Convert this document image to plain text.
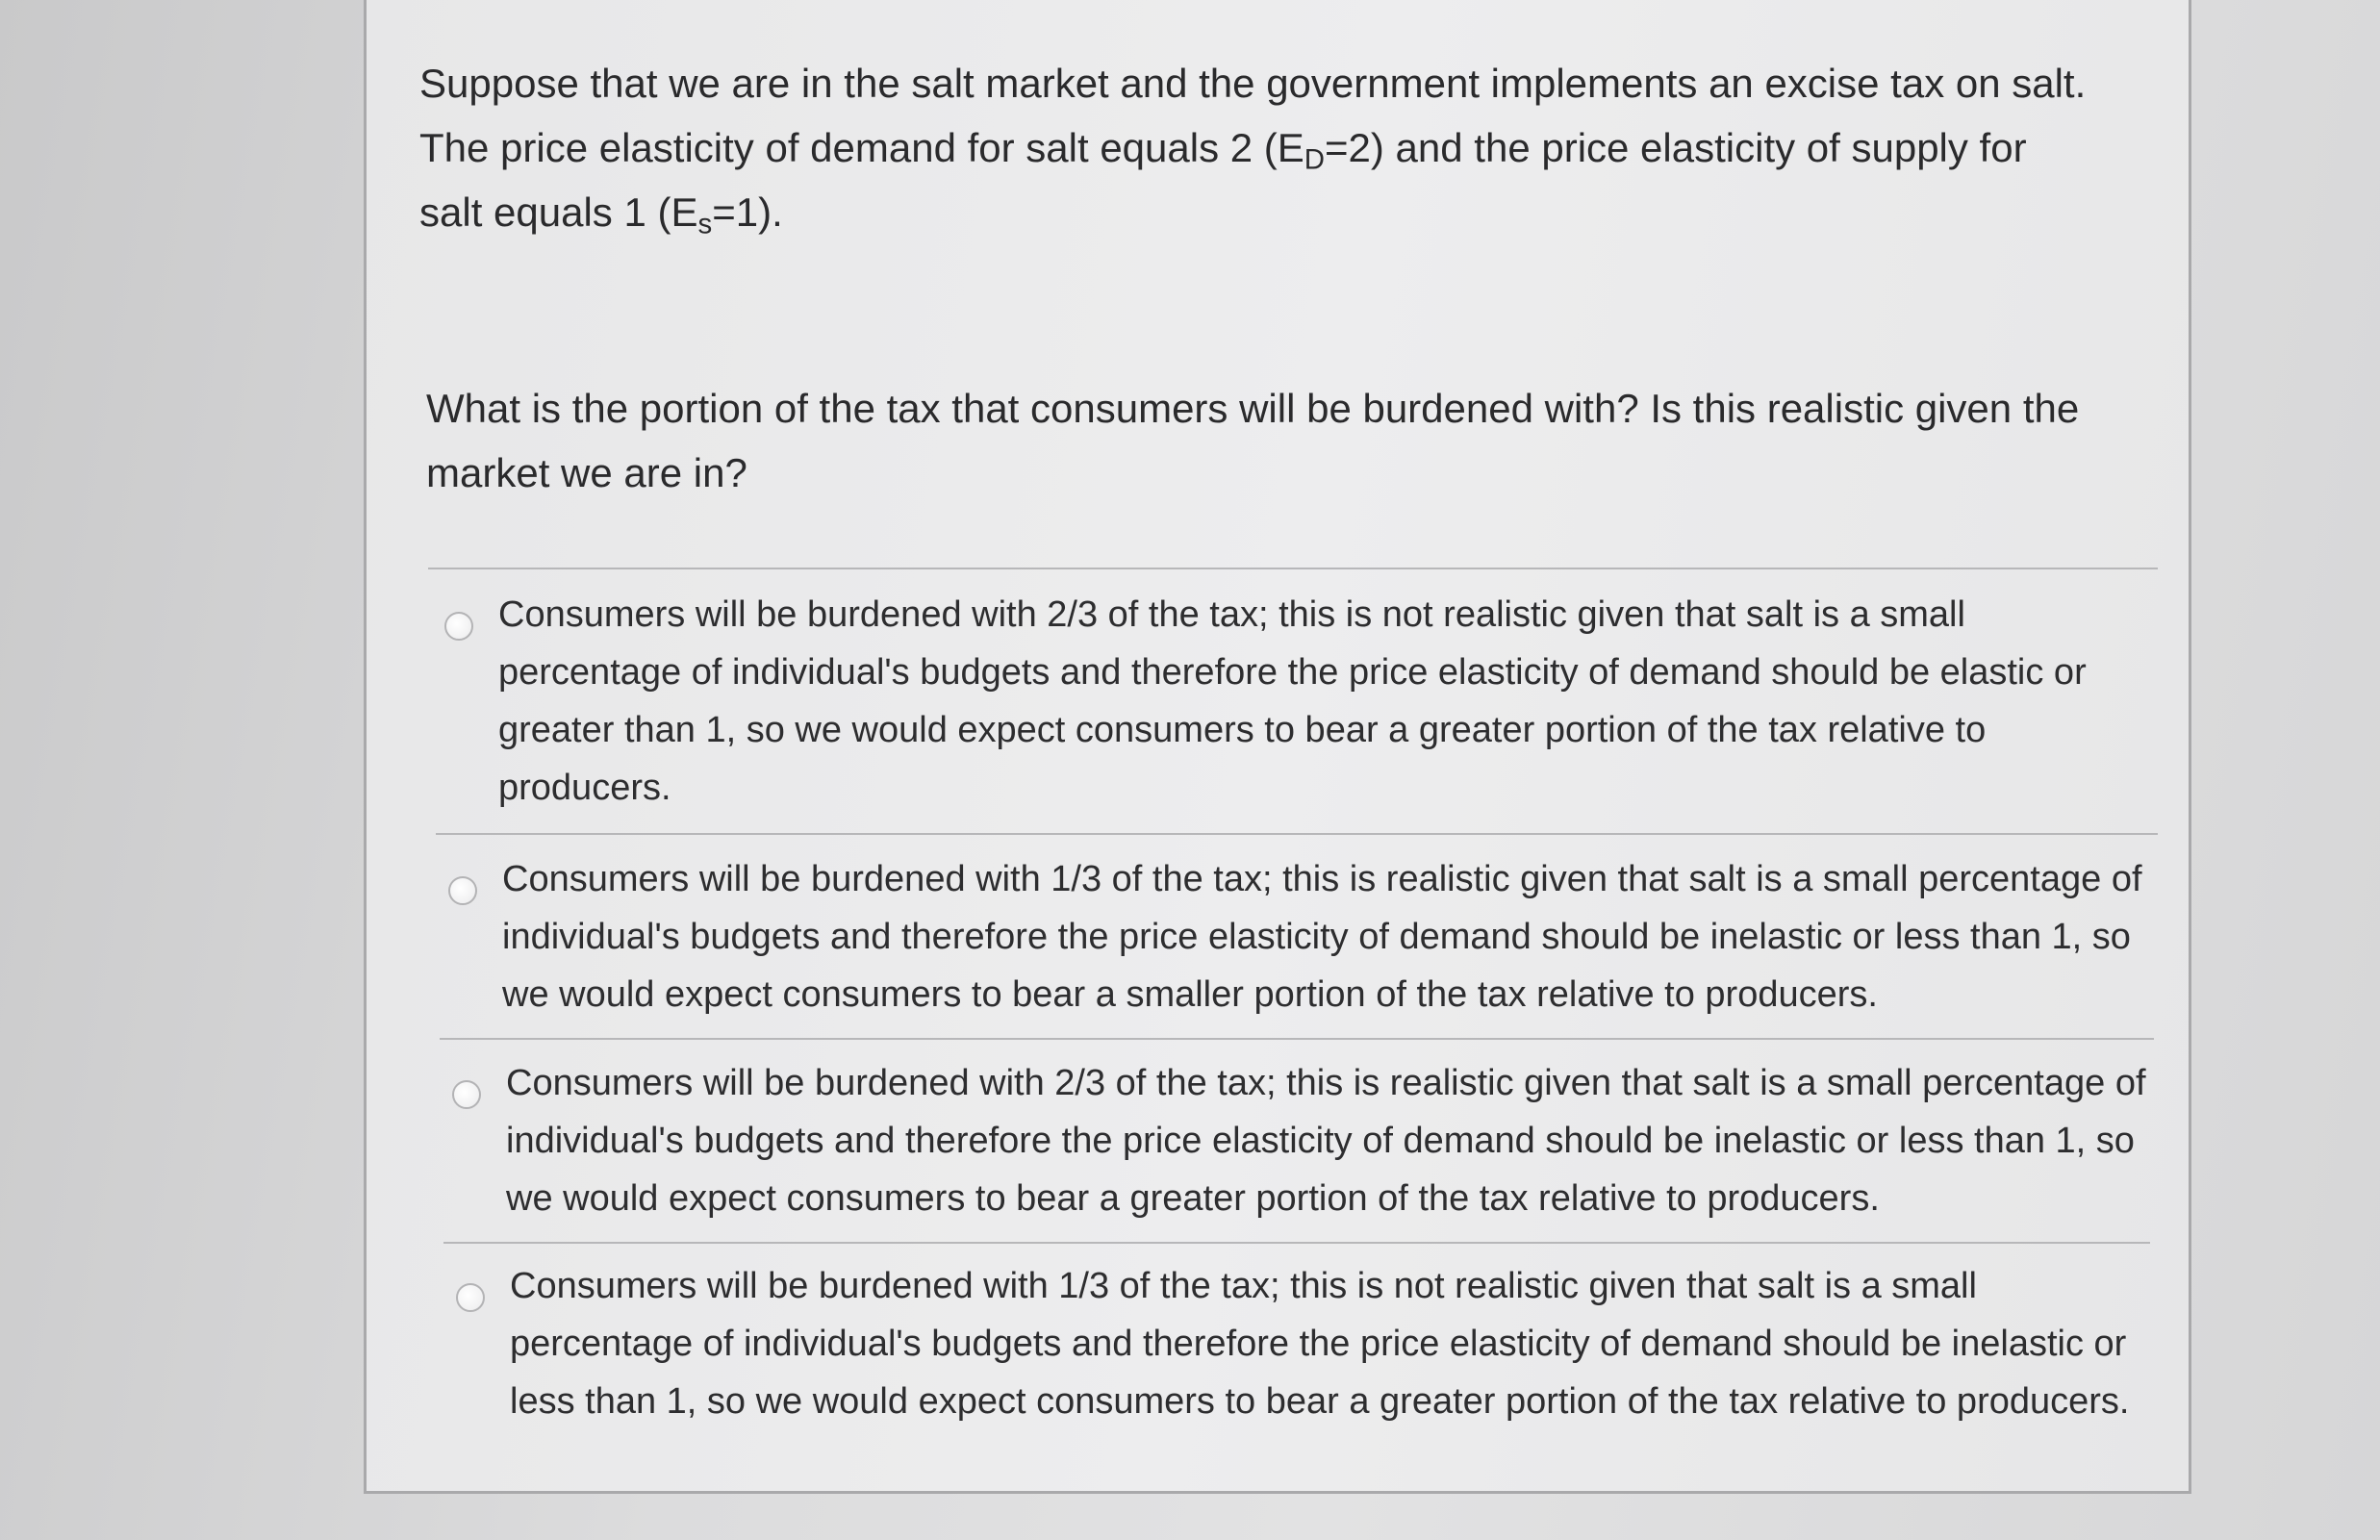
Suppose that we are in the salt market and the government implements an excise tax on salt.
The price elasticity of demand for salt equals 2 $(E_D=2)$ and the price elasticity of supply for
salt equals 1 $(E_s=1)$.
What is the portion of the tax that consumers will be burdened with? Is this realistic given the
market we are in?
Consumers will be burdened with 2/3 of the tax; this is not realistic given that salt is a small
percentage of individual's budgets and therefore the price elasticity of demand should be elastic or
greater than 1, so we would expect consumers to bear a greater portion of the tax relative to
producers.
Consumers will be burdened with 1/3 of the tax; this is realistic given that salt is a small percentage of
individual's budgets and therefore the price elasticity of demand should be inelastic or less than 1, so
we would expect consumers to bear a smaller portion of the tax relative to producers.
Consumers will be burdened with 2/3 of the tax; this is realistic given that salt is a small percentage of
individual's budgets and therefore the price elasticity of demand should be inelastic or less than 1, so
we would expect consumers to bear a greater portion of the tax relative to producers.
Consumers will be burdened with 1/3 of the tax; this is not realistic given that salt is a small
percentage of individual's budgets and therefore the price elasticity of demand should be inelastic or
less than 1, so we would expect consumers to bear a greater portion of the tax relative to producers.
